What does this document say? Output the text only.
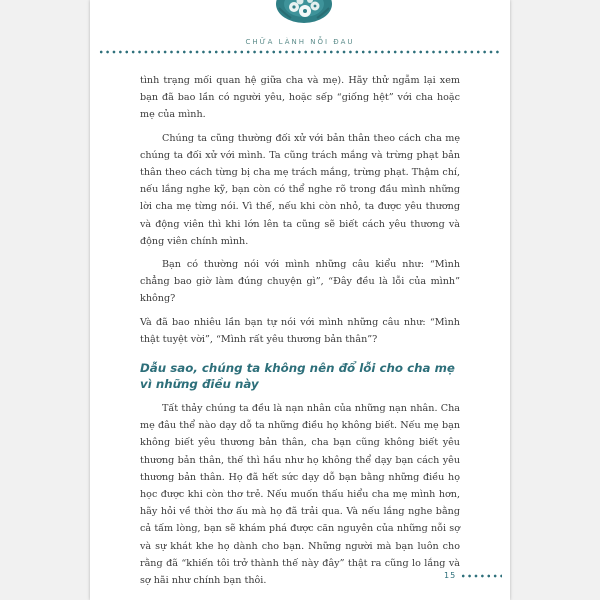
CHỮA LÀNH NỖI ĐAU

tình trạng mối quan hệ giữa cha và mẹ). Hãy thử ngẫm lại xem bạn đã bao lần có người yêu, hoặc sếp “giống hệt” với cha hoặc mẹ của mình.

Chúng ta cũng thường đối xử với bản thân theo cách cha mẹ chúng ta đối xử với mình. Ta cũng trách mắng và trừng phạt bản thân theo cách từng bị cha mẹ trách mắng, trừng phạt. Thậm chí, nếu lắng nghe kỹ, bạn còn có thể nghe rõ trong đầu mình những lời cha mẹ từng nói. Vì thế, nếu khi còn nhỏ, ta được yêu thương và động viên thì khi lớn lên ta cũng sẽ biết cách yêu thương và động viên chính mình.

Bạn có thường nói với mình những câu kiểu như: “Mình chẳng bao giờ làm đúng chuyện gì”, “Đây đều là lỗi của mình” không?

Và đã bao nhiêu lần bạn tự nói với mình những câu như: “Mình thật tuyệt vời”, “Mình rất yêu thương bản thân”?

Dẫu sao, chúng ta không nên đổ lỗi cho cha mẹ vì những điều này

Tất thảy chúng ta đều là nạn nhân của những nạn nhân. Cha mẹ đâu thể nào dạy dỗ ta những điều họ không biết. Nếu mẹ bạn không biết yêu thương bản thân, cha bạn cũng không biết yêu thương bản thân, thế thì hầu như họ không thể dạy bạn cách yêu thương bản thân. Họ đã hết sức dạy dỗ bạn bằng những điều họ học được khi còn thơ trẻ. Nếu muốn thấu hiểu cha mẹ mình hơn, hãy hỏi về thời thơ ấu mà họ đã trải qua. Và nếu lắng nghe bằng cả tấm lòng, bạn sẽ khám phá được căn nguyên của những nỗi sợ và sự khát khe họ dành cho bạn. Những người mà bạn luôn cho rằng đã “khiến tôi trở thành thế này đây” thật ra cũng lo lắng và sợ hãi như chính bạn thôi.	15
